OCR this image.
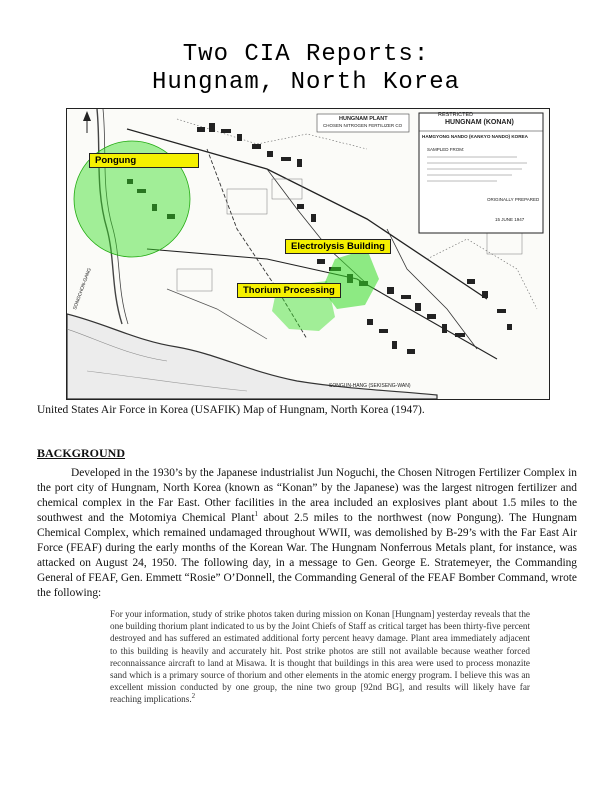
Two CIA Reports:
Hungnam, North Korea
RESTRICTED
HUNGNAM PLANT
CHOSEN NITROGEN FERTILIZER CO	HUNGNAM (KONAN)
HAMGYONG NANDO (KANKYO NANDO) KOREA
SAMPLED FROM:
ORIGINALLY PREPARED
15 JUNE 1947
SONGUN-HANG (SEKISENG-WAN)
SONGCHON-GANG
Pongung
Electrolysis Building
Thorium Processing
United States Air Force in Korea (USAFIK) Map of Hungnam, North Korea (1947).
BACKGROUND

Developed in the 1930’s by the Japanese industrialist Jun Noguchi, the Chosen Nitrogen Fertilizer Complex in the port city of Hungnam, North Korea (known as “Konan” by the Japanese) was the largest nitrogen fertilizer and chemical complex in the Far East. Other facilities in the area included an explosives plant about 1.5 miles to the southwest and the Motomiya Chemical Plant$^1$ about 2.5 miles to the northwest (now Pongung). The Hungnam Chemical Complex, which remained undamaged throughout WWII, was demolished by B-29’s with the Far East Air Force (FEAF) during the early months of the Korean War. The Hungnam Nonferrous Metals plant, for instance, was attacked on August 24, 1950. The following day, in a message to Gen. George E. Stratemeyer, the Commanding General of FEAF, Gen. Emmett “Rosie” O’Donnell, the Commanding General of the FEAF Bomber Command, wrote the following:

For your information, study of strike photos taken during mission on Konan [Hungnam] yesterday reveals that the one building thorium plant indicated to us by the Joint Chiefs of Staff as critical target has been thirty-five percent destroyed and has suffered an estimated additional forty percent heavy damage. Plant area immediately adjacent to this building is heavily and accurately hit. Post strike photos are still not available because weather forced reconnaissance aircraft to land at Misawa. It is thought that buildings in this area were used to process monazite sand which is a primary source of thorium and other elements in the atomic energy program. I believe this was an excellent mission conducted by one group, the nine two group [92nd BG], and results will likely have far reaching implications.$^2$
